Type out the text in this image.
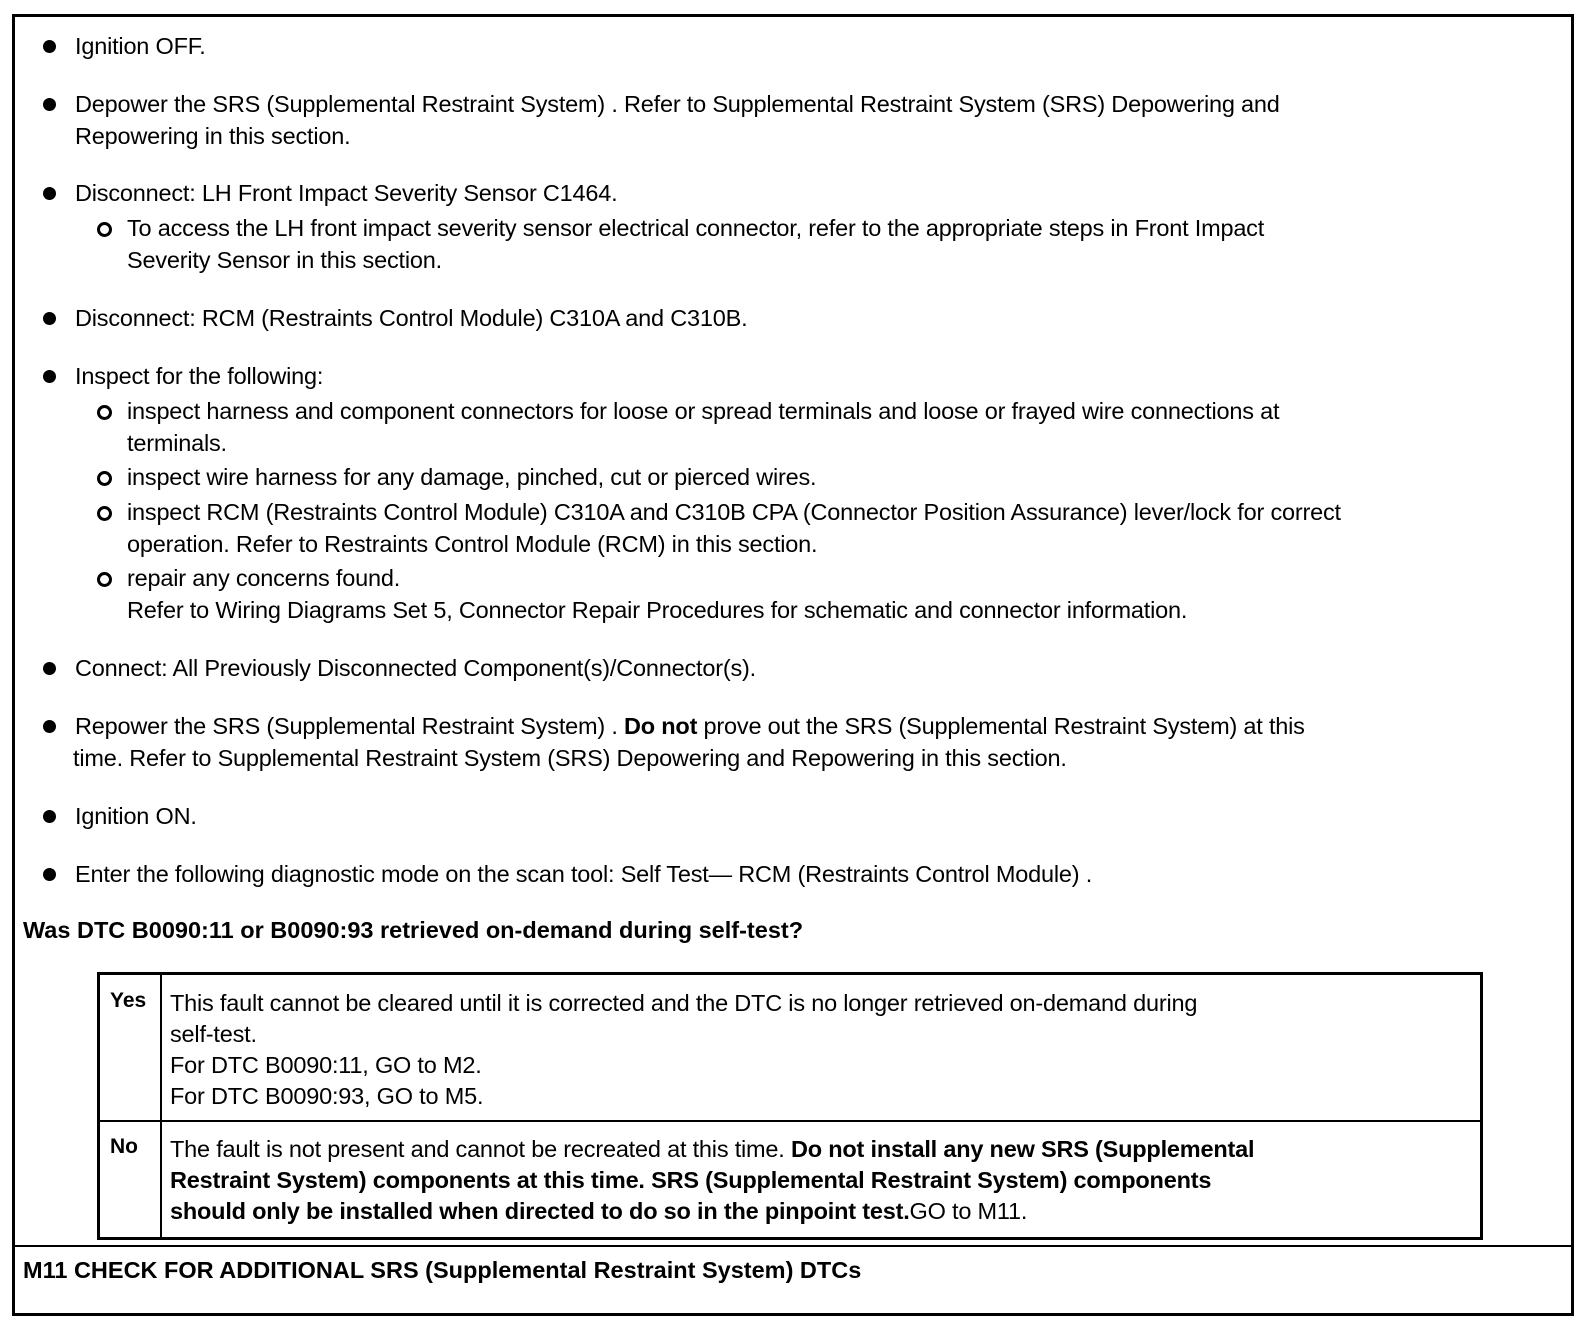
Ignition OFF.
Depower the SRS (Supplemental Restraint System) . Refer to Supplemental Restraint System (SRS) Depowering and
Repowering in this section.
Disconnect: LH Front Impact Severity Sensor C1464.
To access the LH front impact severity sensor electrical connector, refer to the appropriate steps in Front Impact
Severity Sensor in this section.
Disconnect: RCM (Restraints Control Module) C310A and C310B.
Inspect for the following:
inspect harness and component connectors for loose or spread terminals and loose or frayed wire connections at
terminals.
inspect wire harness for any damage, pinched, cut or pierced wires.
inspect RCM (Restraints Control Module) C310A and C310B CPA (Connector Position Assurance) lever/lock for correct
operation. Refer to Restraints Control Module (RCM) in this section.
repair any concerns found.
Refer to Wiring Diagrams Set 5, Connector Repair Procedures for schematic and connector information.
Connect: All Previously Disconnected Component(s)/Connector(s).
Repower the SRS (Supplemental Restraint System) . Do not prove out the SRS (Supplemental Restraint System) at this
time. Refer to Supplemental Restraint System (SRS) Depowering and Repowering in this section.
Ignition ON.
Enter the following diagnostic mode on the scan tool: Self Test— RCM (Restraints Control Module) .
Was DTC B0090:11 or B0090:93 retrieved on-demand during self-test?
Yes This fault cannot be cleared until it is corrected and the DTC is no longer retrieved on-demand during
self-test.
For DTC B0090:11, GO to M2.
For DTC B0090:93, GO to M5.
No The fault is not present and cannot be recreated at this time. Do not install any new SRS (Supplemental
Restraint System) components at this time. SRS (Supplemental Restraint System) components
should only be installed when directed to do so in the pinpoint test.GO to M11.
M11 CHECK FOR ADDITIONAL SRS (Supplemental Restraint System) DTCs
